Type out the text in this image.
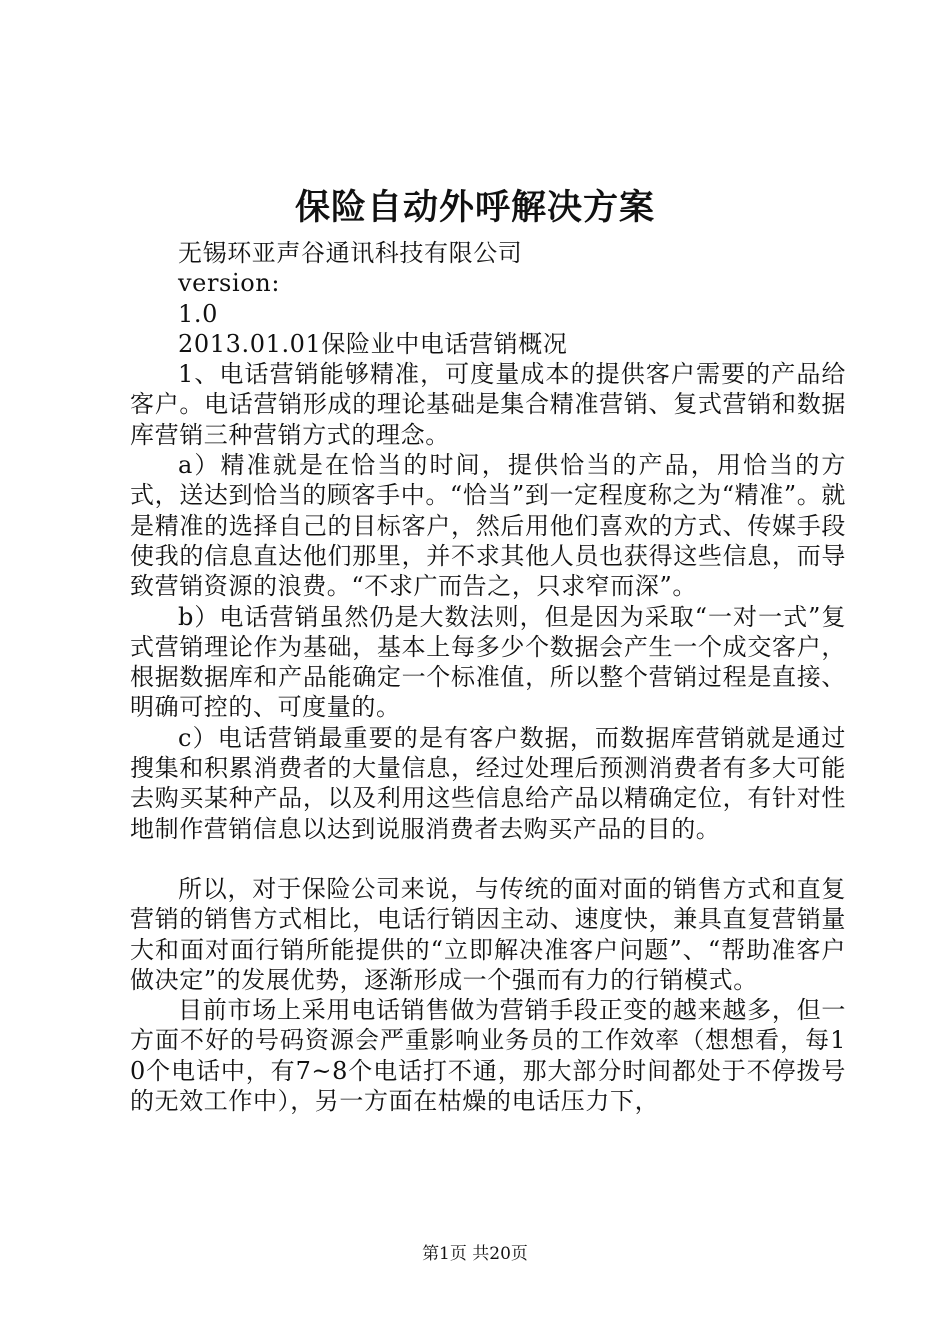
保险自动外呼解决方案

无锡环亚声谷通讯科技有限公司

version:

1.0

2013.01.01保险业中电话营销概况

1、电话营销能够精准，可度量成本的提供客户需要的产品给客户。电话营销形成的理论基础是集合精准营销、复式营销和数据库营销三种营销方式的理念。

a）精准就是在恰当的时间，提供恰当的产品，用恰当的方式，送达到恰当的顾客手中。“恰当”到一定程度称之为“精准”。就是精准的选择自己的目标客户，然后用他们喜欢的方式、传媒手段使我的信息直达他们那里，并不求其他人员也获得这些信息，而导致营销资源的浪费。“不求广而告之，只求窄而深”。

b）电话营销虽然仍是大数法则，但是因为采取“一对一式”复式营销理论作为基础，基本上每多少个数据会产生一个成交客户，根据数据库和产品能确定一个标准值，所以整个营销过程是直接、明确可控的、可度量的。

c）电话营销最重要的是有客户数据，而数据库营销就是通过搜集和积累消费者的大量信息，经过处理后预测消费者有多大可能去购买某种产品，以及利用这些信息给产品以精确定位，有针对性地制作营销信息以达到说服消费者去购买产品的目的。

所以，对于保险公司来说，与传统的面对面的销售方式和直复营销的销售方式相比，电话行销因主动、速度快，兼具直复营销量大和面对面行销所能提供的“立即解决准客户问题”、“帮助准客户做决定”的发展优势，逐渐形成一个强而有力的行销模式。

目前市场上采用电话销售做为营销手段正变的越来越多，但一方面不好的号码资源会严重影响业务员的工作效率（想想看，每10个电话中，有7~8个电话打不通，那大部分时间都处于不停拨号的无效工作中），另一方面在枯燥的电话压力下，

第1页 共20页
